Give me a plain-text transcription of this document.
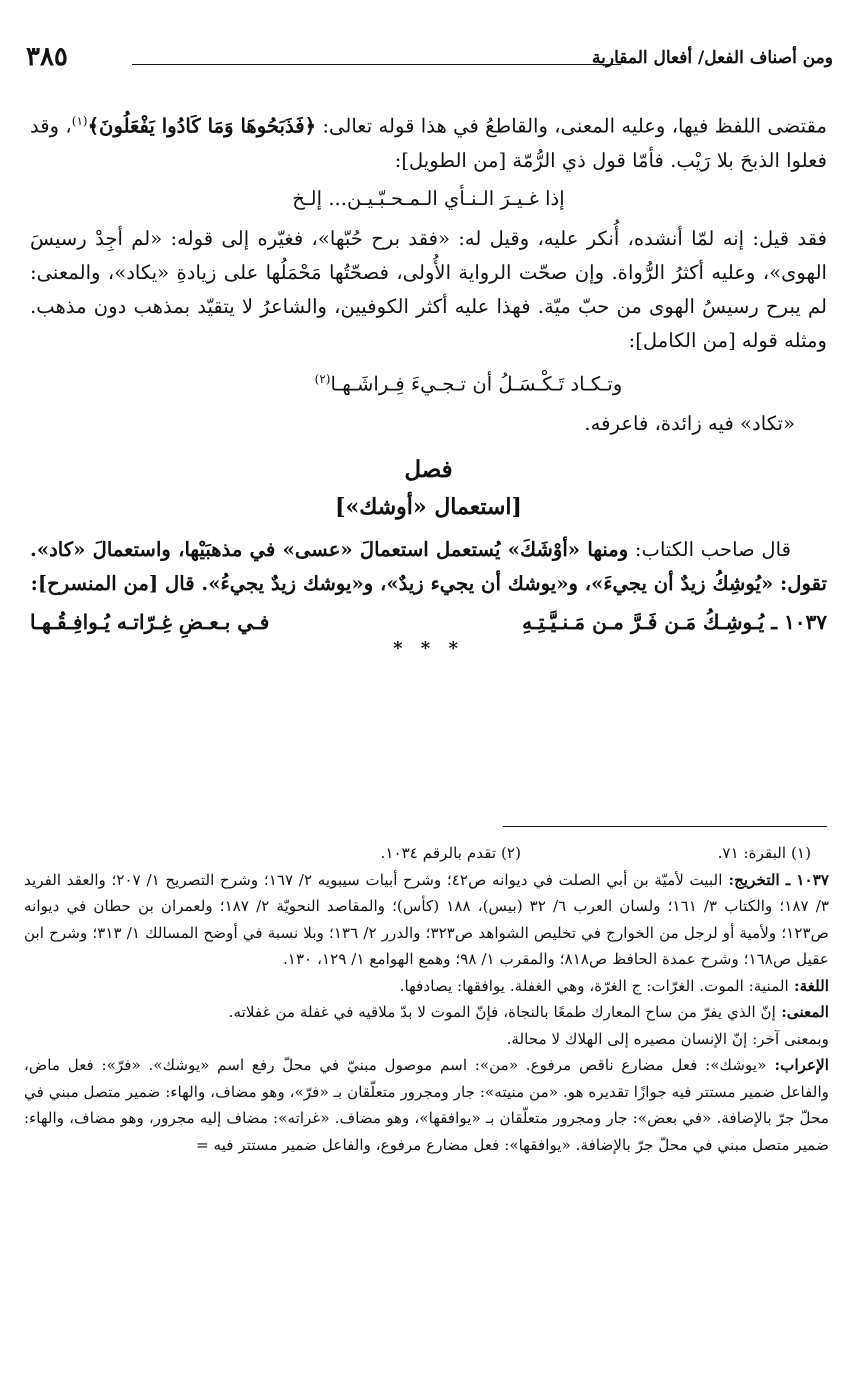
٣٨٥	ومن أصناف الفعل/ أفعال المقاربة

مقتضى اللفظ فيها، وعليه المعنى، والقاطعُ في هذا قوله تعالى: ﴿فَذَبَحُوهَا وَمَا كَادُوا يَفْعَلُونَ﴾$^{(١)}$، وقد فعلوا الذبحَ بلا رَيْب. فأمّا قول ذي الرُّمّة [من الطويل]:

إذا غـيـرَ الـنـأي الـمـحـبّـيـن... إلـخ

فقد قيل: إنه لمّا أنشده، أُنكر عليه، وقيل له: «فقد برح حُبّها»، فغيّره إلى قوله: «لم أجِدْ رسيسَ الهوى»، وعليه أكثرُ الرُّواة. وإن صحّت الرواية الأُولى، فصحّتُها مَحْمَلُها على زيادةِ «يكاد»، والمعنى: لم يبرح رسيسُ الهوى من حبّ ميّة. فهذا عليه أكثر الكوفيين، والشاعرُ لا يتقيّد بمذهب دون مذهب. ومثله قوله [من الكامل]:

وتـكـاد تَـكْـسَـلُ أن تـجـيءَ فِـراشَـهـا$^{(٢)}$

«تكاد» فيه زائدة، فاعرفه.

فصل

[استعمال «أوشك»]

قال صاحب الكتاب: ومنها «أوْشَكَ» يُستعمل استعمالَ «عسى» في مذهبَيْها، واستعمالَ «كاد». تقول: «يُوشِكُ زيدٌ أن يجيءَ»، و«يوشك أن يجيء زيدٌ»، و«يوشك زيدٌ يجيءُ». قال [من المنسرح]:

١٠٣٧ ـ يُـوشِـكُ مَـن فَـرَّ مـن مَـنـيَّـتِـهِ
فـي بـعـضِ غِـرّاتـه يُـوافِـقُـهـا

* * *

(١) البقرة: ٧١.
(٢) تقدم بالرقم ١٠٣٤.

١٠٣٧ ـ التخريج: البيت لأميّة بن أبي الصلت في ديوانه ص٤٢؛ وشرح أبيات سيبويه ٢/ ١٦٧؛ وشرح التصريح ١/ ٢٠٧؛ والعقد الفريد ٣/ ١٨٧؛ والكتاب ٣/ ١٦١؛ ولسان العرب ٦/ ٣٢ (بيس)، ١٨٨ (كأس)؛ والمقاصد النحويّة ٢/ ١٨٧؛ ولعمران بن حطان في ديوانه ص١٢٣؛ ولأمية أو لرجل من الخوارج في تخليص الشواهد ص٣٢٣؛ والدرر ٢/ ١٣٦؛ وبلا نسبة في أوضح المسالك ١/ ٣١٣؛ وشرح ابن عقيل ص١٦٨؛ وشرح عمدة الحافظ ص٨١٨؛ والمقرب ١/ ٩٨؛ وهمع الهوامع ١/ ١٢٩، ١٣٠.

اللغة: المنية: الموت. الغرّات: ج الغرّة، وهي الغفلة. يوافقها: يصادفها.

المعنى: إنّ الذي يفرّ من ساح المعارك طمعًا بالنجاة، فإنّ الموت لا بدّ ملاقيه في غفلة من غفلاته.

وبمعنى آخر: إنّ الإنسان مصيره إلى الهلاك لا محالة.

الإعراب: «يوشك»: فعل مضارع ناقص مرفوع. «من»: اسم موصول مبنيّ في محلّ رفع اسم «يوشك». «فرّ»: فعل ماض، والفاعل ضمير مستتر فيه جوازًا تقديره هو. «من منيته»: جار ومجرور متعلّقان بـ «فرّ»، وهو مضاف، والهاء: ضمير متصل مبني في محلّ جرّ بالإضافة. «في بعض»: جار ومجرور متعلّقان بـ «يوافقها»، وهو مضاف. «غراته»: مضاف إليه مجرور، وهو مضاف، والهاء: ضمير متصل مبني في محلّ جرّ بالإضافة. «يوافقها»: فعل مضارع مرفوع، والفاعل ضمير مستتر فيه =
